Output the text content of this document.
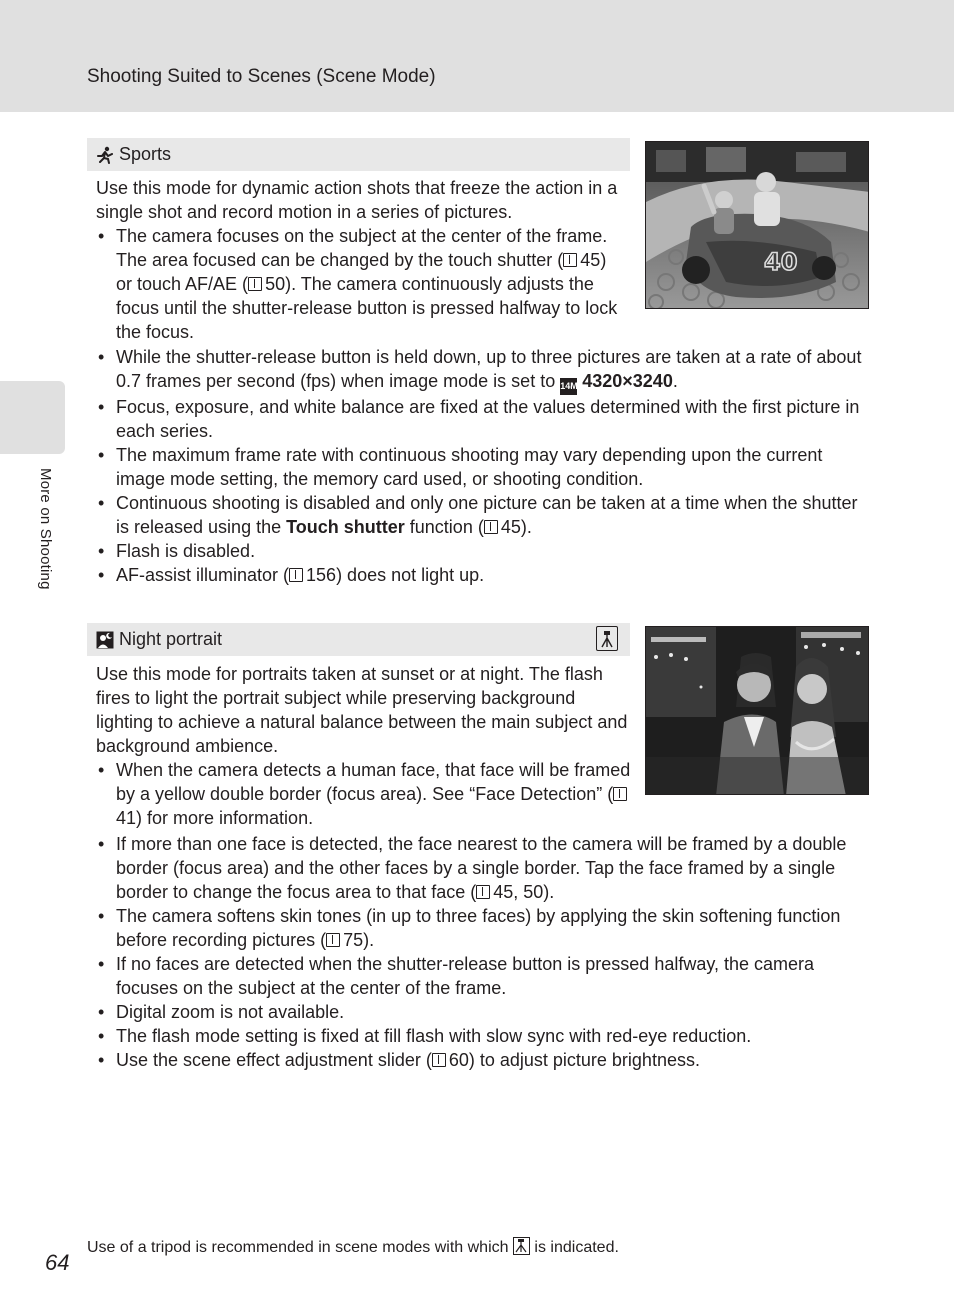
Shooting Suited to Scenes (Scene Mode)
More on Shooting
Sports
40

Use this mode for dynamic action shots that freeze the action in a single shot and record motion in a series of pictures.

• The camera focuses on the subject at the center of the frame. The area focused can be changed by the touch shutter ( 45) or touch AF/AE ( 50). The camera continuously adjusts the focus until the shutter-release button is pressed halfway to lock the focus.
• While the shutter-release button is held down, up to three pictures are taken at a rate of about 0.7 frames per second (fps) when image mode is set to 14M 4320×3240.
• Focus, exposure, and white balance are fixed at the values determined with the first picture in each series.
• The maximum frame rate with continuous shooting may vary depending upon the current image mode setting, the memory card used, or shooting condition.
• Continuous shooting is disabled and only one picture can be taken at a time when the shutter is released using the Touch shutter function ( 45).
• Flash is disabled.
• AF-assist illuminator ( 156) does not light up.
Night portrait

Use this mode for portraits taken at sunset or at night. The flash fires to light the portrait subject while preserving background lighting to achieve a natural balance between the main subject and background ambience.

• When the camera detects a human face, that face will be framed by a yellow double border (focus area). See “Face Detection” (41) for more information.
• If more than one face is detected, the face nearest to the camera will be framed by a double border (focus area) and the other faces by a single border. Tap the face framed by a single border to change the focus area to that face ( 45, 50).
• The camera softens skin tones (in up to three faces) by applying the skin softening function before recording pictures ( 75).
• If no faces are detected when the shutter-release button is pressed halfway, the camera focuses on the subject at the center of the frame.
• Digital zoom is not available.
• The flash mode setting is fixed at fill flash with slow sync with red-eye reduction.
• Use the scene effect adjustment slider ( 60) to adjust picture brightness.
Use of a tripod is recommended in scene modes with which
is indicated.
64
